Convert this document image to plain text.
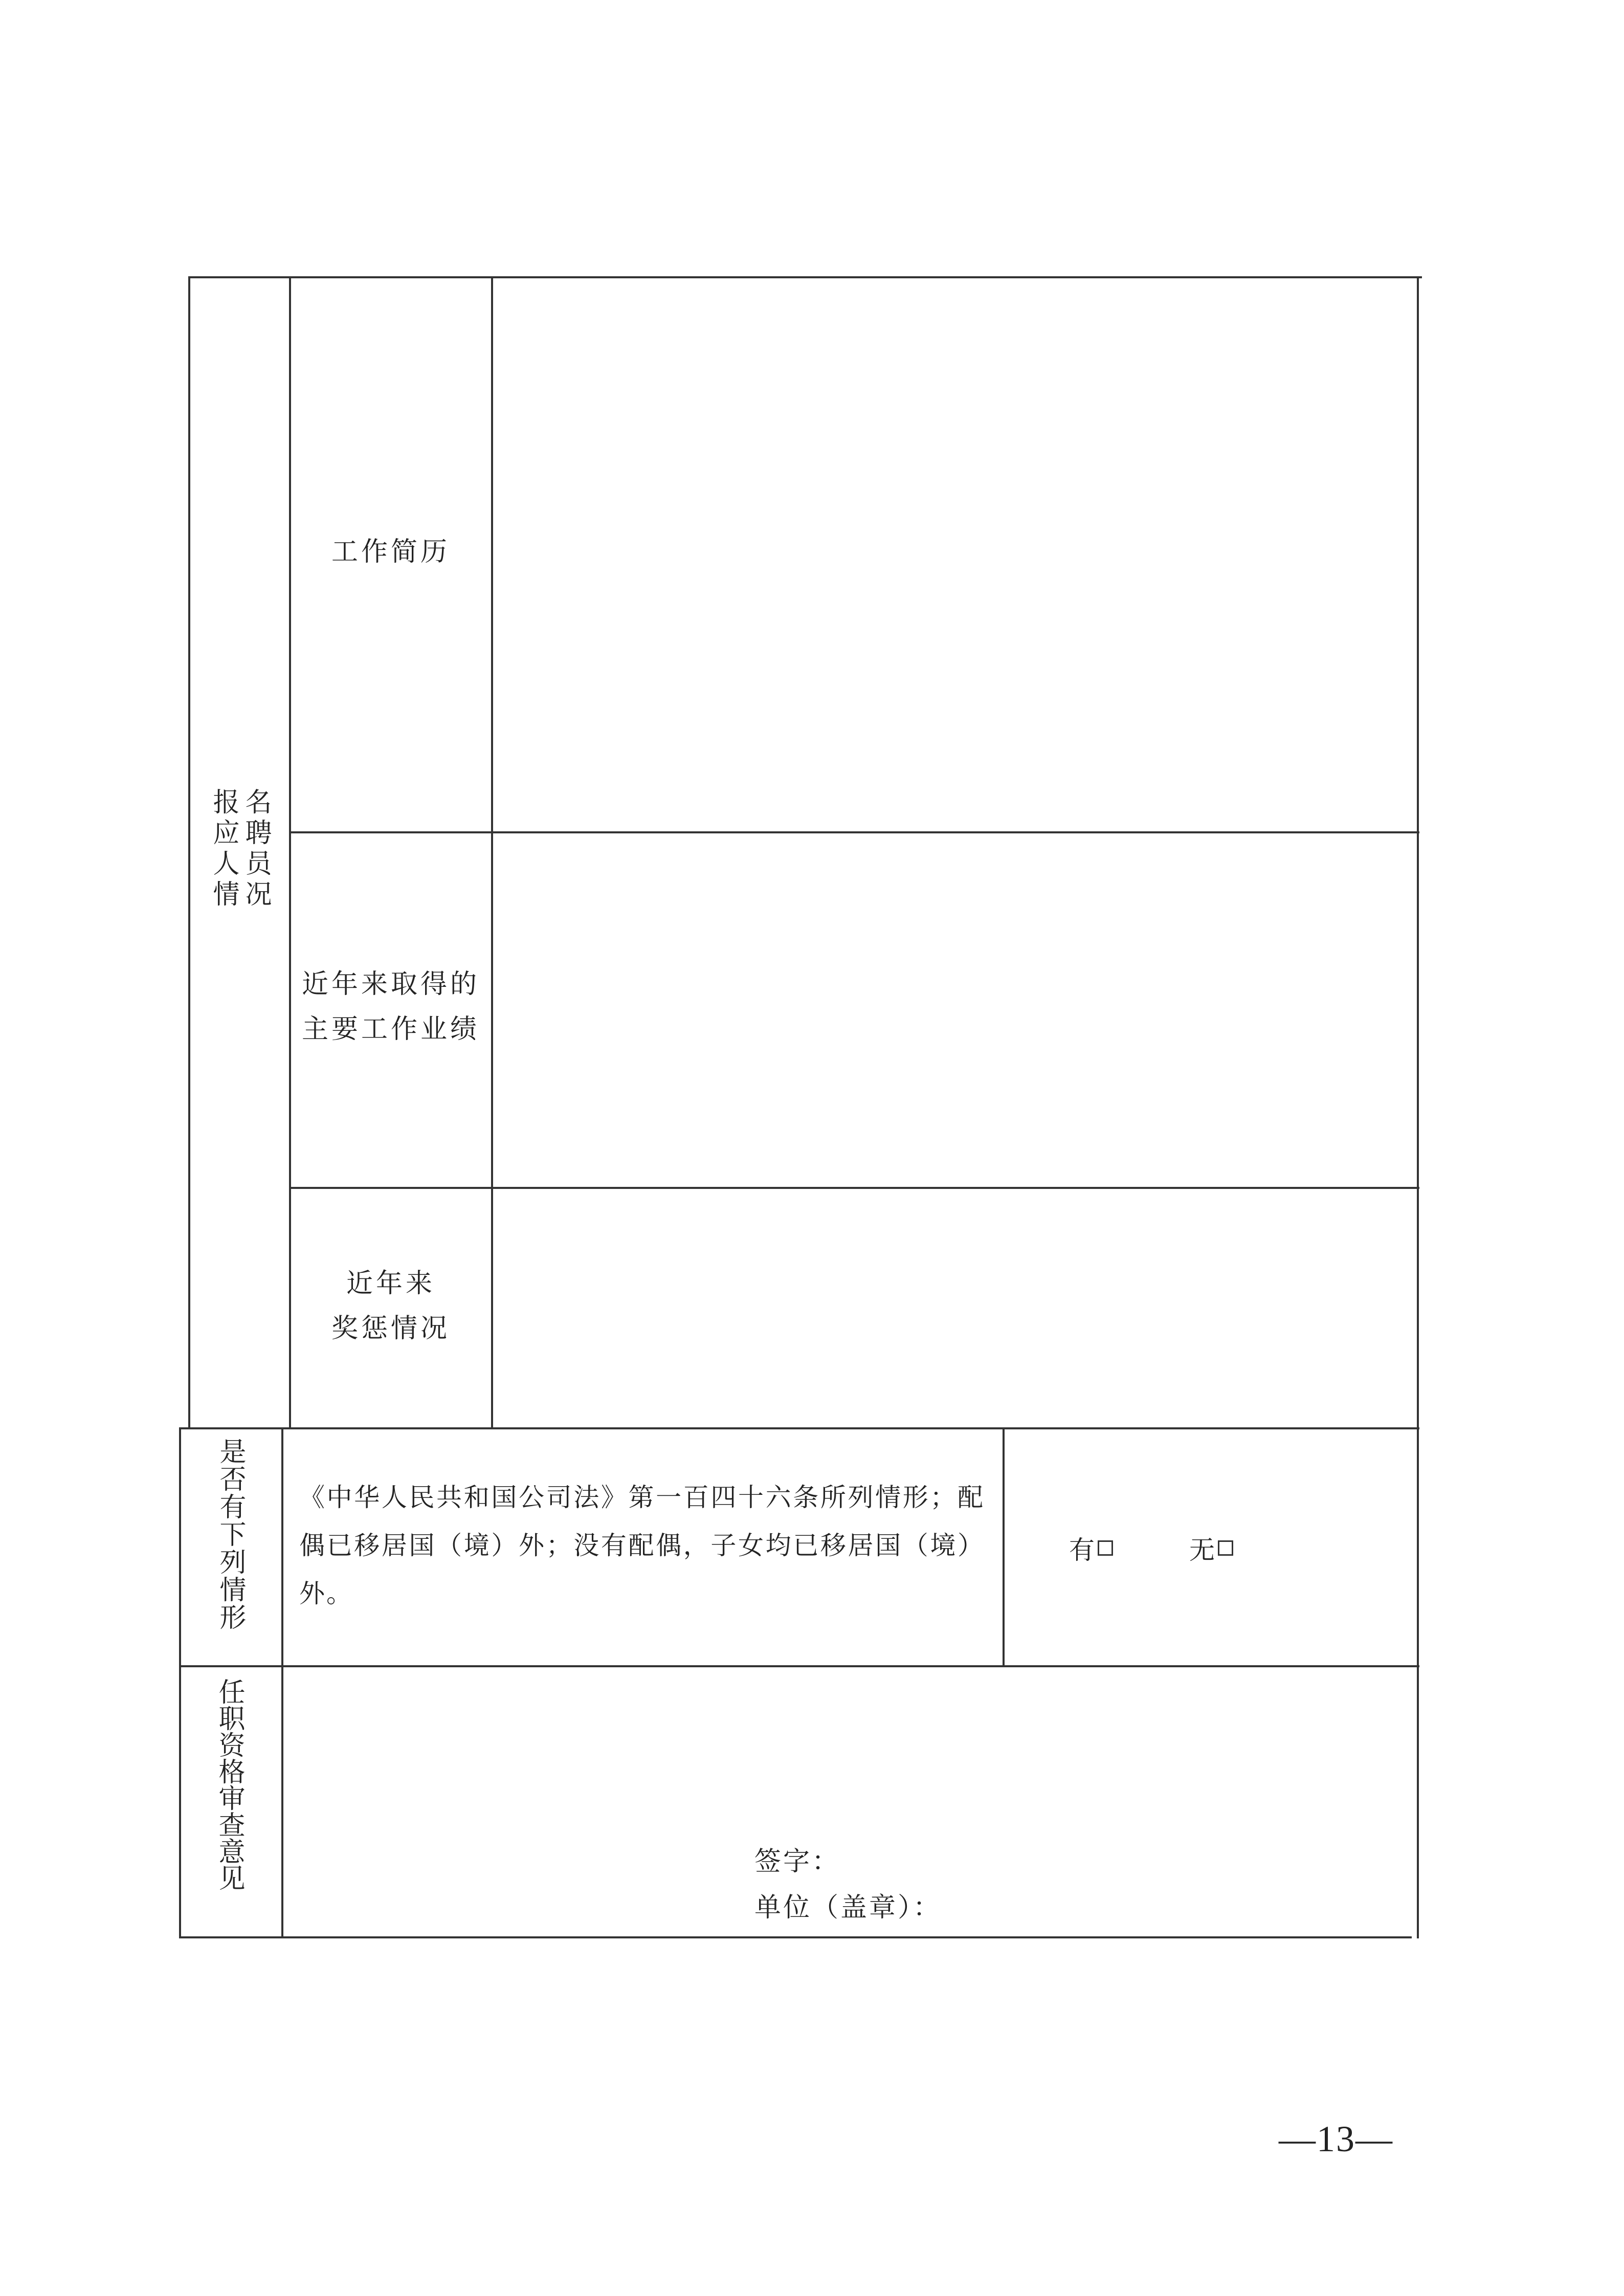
报应人情 名聘员况
工作简历
近年来取得的
主要工作业绩
近年来
奖惩情况
是否有下列情形 《中华人民共和国公司法》第一百四十六条所列情形；配偶已移居国（境）外；没有配偶，子女均已移居国（境）外。
有	无
任职资格审查意见	签字：
单位（盖章）：
—13—
